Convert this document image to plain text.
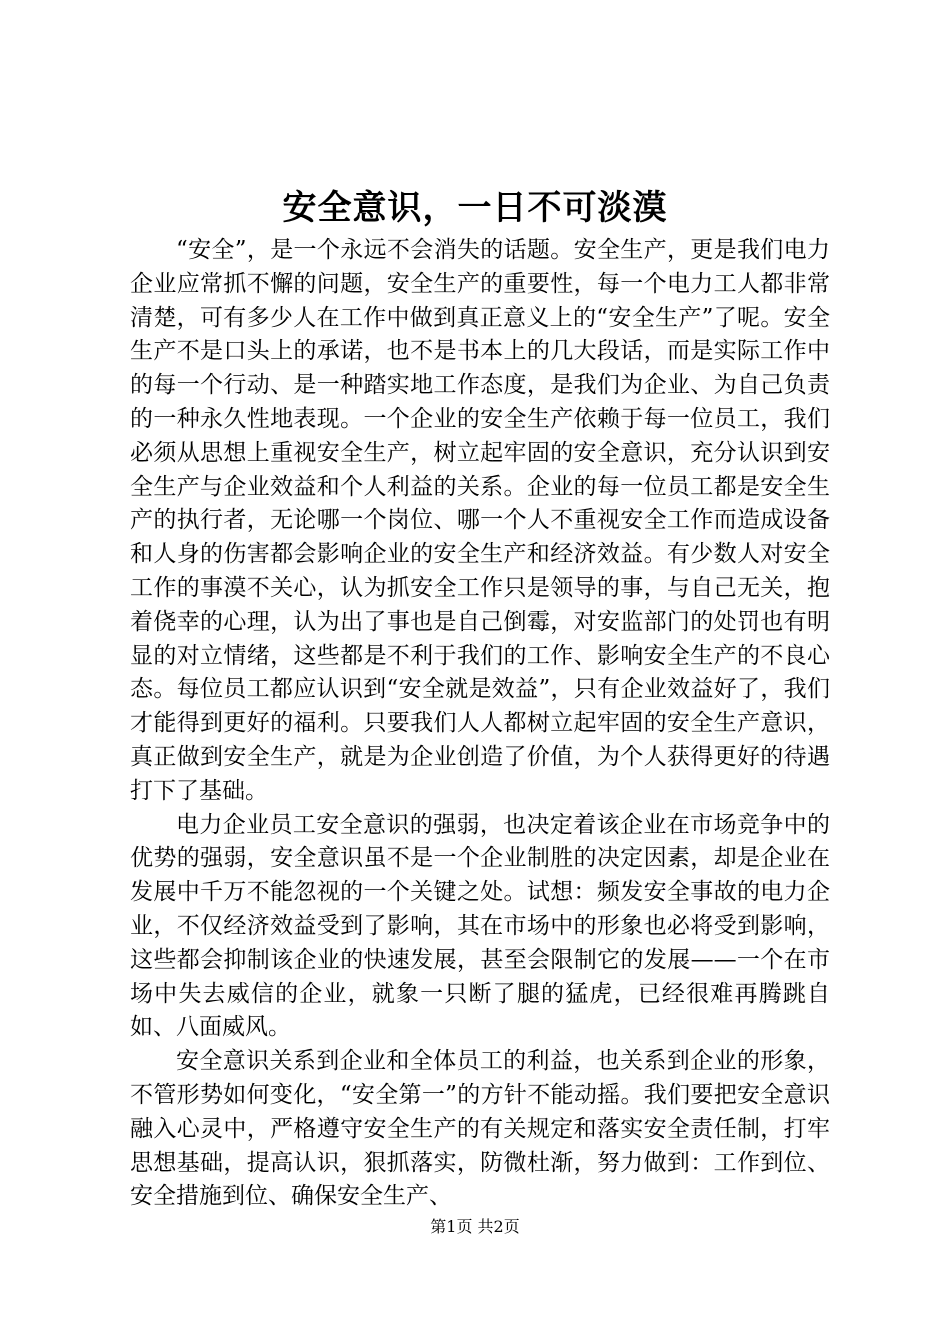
安全意识，一日不可淡漠

“安全”，是一个永远不会消失的话题。安全生产，更是我们电力企业应常抓不懈的问题，安全生产的重要性，每一个电力工人都非常清楚，可有多少人在工作中做到真正意义上的“安全生产”了呢。安全生产不是口头上的承诺，也不是书本上的几大段话，而是实际工作中的每一个行动、是一种踏实地工作态度，是我们为企业、为自己负责的一种永久性地表现。一个企业的安全生产依赖于每一位员工，我们必须从思想上重视安全生产，树立起牢固的安全意识，充分认识到安全生产与企业效益和个人利益的关系。企业的每一位员工都是安全生产的执行者，无论哪一个岗位、哪一个人不重视安全工作而造成设备和人身的伤害都会影响企业的安全生产和经济效益。有少数人对安全工作的事漠不关心，认为抓安全工作只是领导的事，与自己无关，抱着侥幸的心理，认为出了事也是自己倒霉，对安监部门的处罚也有明显的对立情绪，这些都是不利于我们的工作、影响安全生产的不良心态。每位员工都应认识到“安全就是效益”，只有企业效益好了，我们才能得到更好的福利。只要我们人人都树立起牢固的安全生产意识，真正做到安全生产，就是为企业创造了价值，为个人获得更好的待遇打下了基础。

电力企业员工安全意识的强弱，也决定着该企业在市场竞争中的优势的强弱，安全意识虽不是一个企业制胜的决定因素，却是企业在发展中千万不能忽视的一个关键之处。试想：频发安全事故的电力企业，不仅经济效益受到了影响，其在市场中的形象也必将受到影响，这些都会抑制该企业的快速发展，甚至会限制它的发展——一个在市场中失去威信的企业，就象一只断了腿的猛虎，已经很难再腾跳自如、八面威风。

安全意识关系到企业和全体员工的利益，也关系到企业的形象，不管形势如何变化，“安全第一”的方针不能动摇。我们要把安全意识融入心灵中，严格遵守安全生产的有关规定和落实安全责任制，打牢思想基础，提高认识，狠抓落实，防微杜渐，努力做到：工作到位、安全措施到位、确保安全生产、

第1页 共2页
